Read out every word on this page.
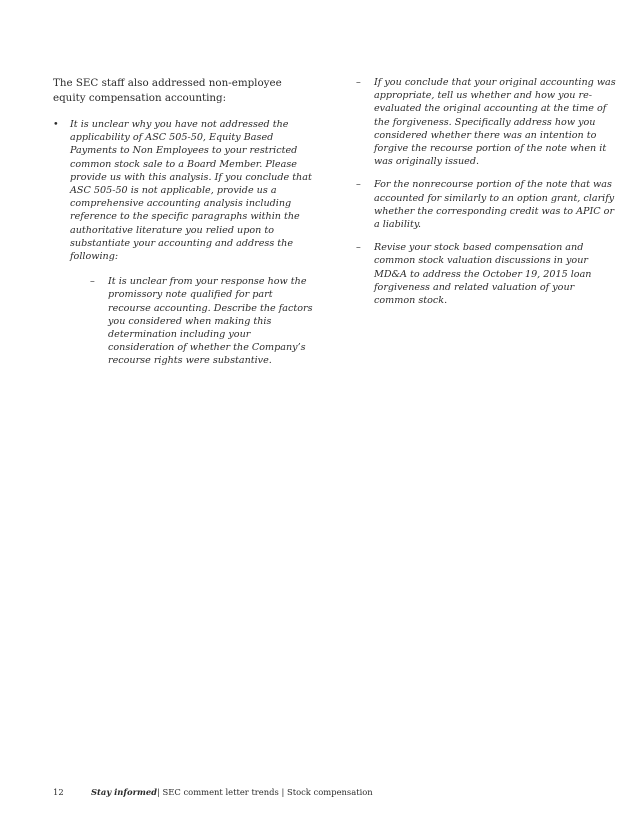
The SEC staff also addressed non-employee equity compensation accounting:

•	It is unclear why you have not addressed the applicability of ASC 505-50, Equity Based Payments to Non Employees to your restricted common stock sale to a Board Member. Please provide us with this analysis. If you conclude that ASC 505-50 is not applicable, provide us a comprehensive accounting analysis including reference to the specific paragraphs within the authoritative literature you relied upon to substantiate your accounting and address the following:
–	It is unclear from your response how the promissory note qualified for part recourse accounting. Describe the factors you considered when making this determination including your consideration of whether the Company’s recourse rights were substantive.
–	If you conclude that your original accounting was appropriate, tell us whether and how you re-evaluated the original accounting at the time of the forgiveness. Specifically address how you considered whether there was an intention to forgive the recourse portion of the note when it was originally issued.
–	For the nonrecourse portion of the note that was accounted for similarly to an option grant, clarify whether the corresponding credit was to APIC or a liability.
–	Revise your stock based compensation and common stock valuation discussions in your MD&A to address the October 19, 2015 loan forgiveness and related valuation of your common stock.
12	Stay informed| SEC comment letter trends | Stock compensation
